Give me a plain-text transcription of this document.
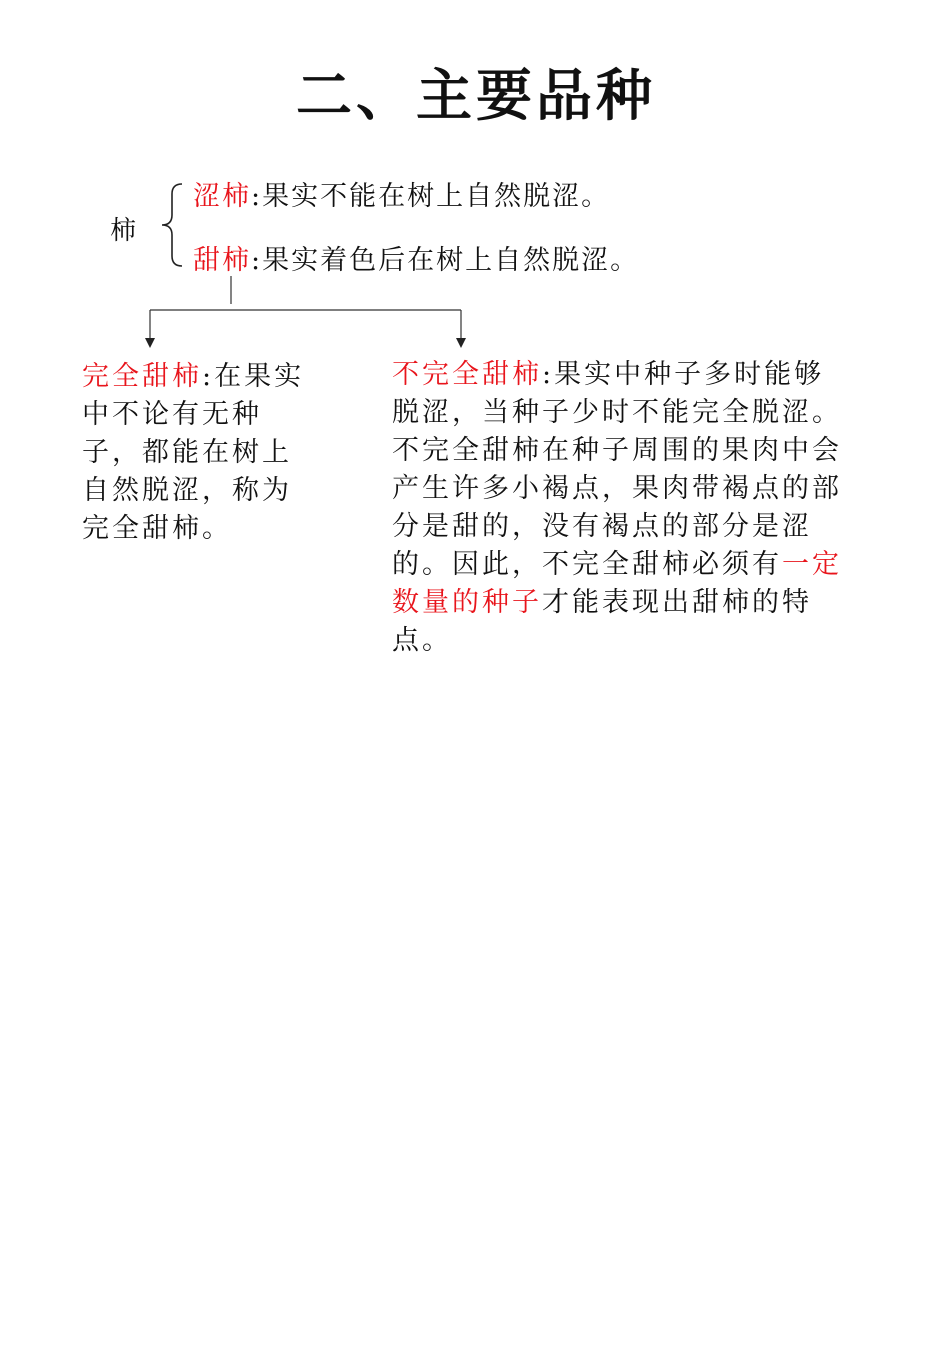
二、主要品种
柿
涩柿:果实不能在树上自然脱涩。
甜柿:果实着色后在树上自然脱涩。
完全甜柿:在果实中不论有无种子，都能在树上自然脱涩，称为完全甜柿。
不完全甜柿:果实中种子多时能够脱涩，当种子少时不能完全脱涩。不完全甜柿在种子周围的果肉中会产生许多小褐点，果肉带褐点的部分是甜的，没有褐点的部分是涩的。因此，不完全甜柿必须有一定数量的种子才能表现出甜柿的特点。
